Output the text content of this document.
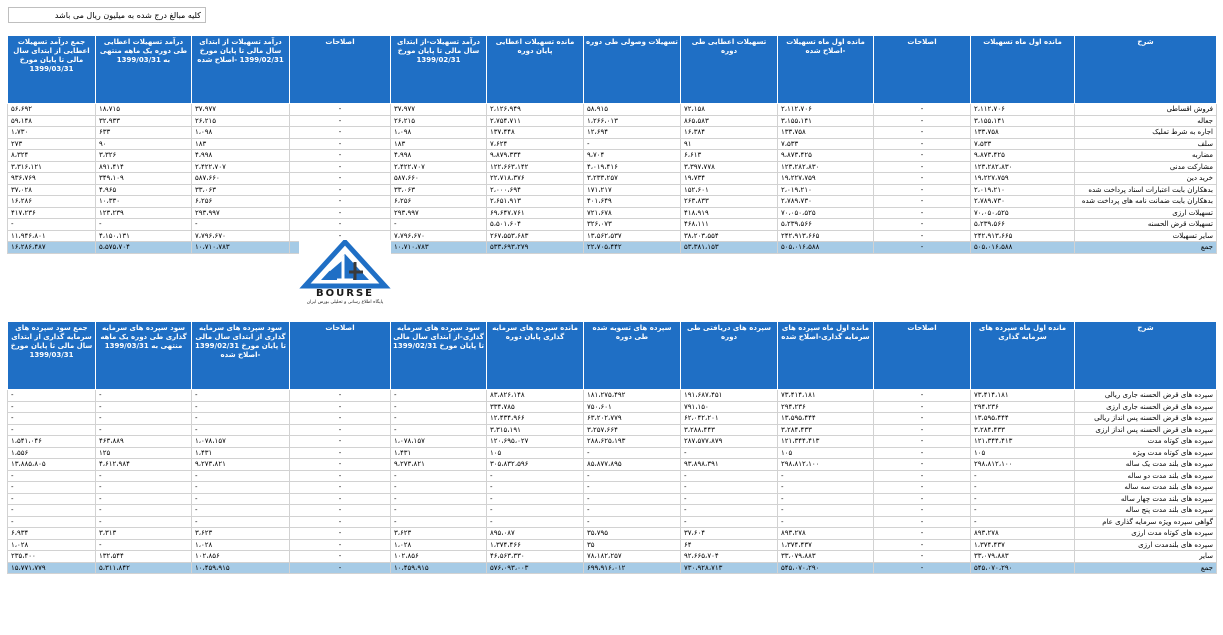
کلیه مبالغ درج شده به میلیون ریال می باشد
شرح	مانده اول ماه تسهیلات	اصلاحات	مانده اول ماه تسهیلات -اصلاح شده	تسهیلات اعطایی طی دوره	تسهیلات وصولی طی دوره	مانده تسهیلات اعطایی پایان دوره	درآمد تسهیلات-از ابتدای سال مالی تا پایان مورخ 1399/02/31	اصلاحات	درآمد تسهیلات از ابتدای سال مالی تا پایان مورخ 1399/02/31 -اصلاح شده	درآمد تسهیلات اعطایی طی دوره یک ماهه منتهی به 1399/03/31	جمع درآمد تسهیلات اعطایی از ابتدای سال مالی تا پایان مورخ 1399/03/31
فروش اقساطی	۲،۱۱۲،۷۰۶	-	۲،۱۱۲،۷۰۶	۷۲،۱۵۸	۵۸،۹۱۵	۲،۱۲۶،۹۴۹	۳۷،۹۷۷	-	۳۷،۹۷۷	۱۸،۷۱۵	۵۶،۶۹۲
جعاله	۳،۱۵۵،۱۴۱	-	۳،۱۵۵،۱۴۱	۸۶۵،۵۸۳	۱،۲۶۶،۰۱۳	۲،۷۵۴،۷۱۱	۲۶،۲۱۵	-	۲۶،۲۱۵	۳۲،۹۳۳	۵۹،۱۴۸
اجاره به شرط تملیک	۱۳۳،۷۵۸	-	۱۳۳،۷۵۸	۱۶،۳۸۴	۱۲،۶۹۴	۱۳۷،۴۴۸	۱،۰۹۸	-	۱،۰۹۸	۶۳۳	۱،۷۳۰
سلف	۷،۵۳۳	-	۷،۵۳۳	۹۱	-	۷،۶۲۴	۱۸۳	-	۱۸۳	۹۰	۲۷۳
مضاربه	۹،۸۷۳،۴۲۵	-	۹،۸۷۳،۴۲۵	۶،۶۱۳	۹،۷۰۴	۹،۸۷۹،۳۳۴	۴،۹۹۸	-	۴،۹۹۸	۳،۳۲۶	۸،۳۲۴
مشارکت مدنی	۱۲۳،۲۸۲،۸۳۰	-	۱۲۳،۲۸۲،۸۳۰	۳،۳۹۷،۷۷۸	۴،۰۱۹،۴۱۶	۱۲۲،۶۶۳،۱۴۲	۲،۴۲۲،۷۰۷	-	۲،۴۲۲،۷۰۷	۸۹۱،۴۱۴	۳،۳۱۶،۱۲۱
خرید دین	۱۹،۲۲۷،۷۵۹	-	۱۹،۲۲۷،۷۵۹	۱۹،۷۳۴	۳،۲۳۳،۲۵۷	۲۲،۷۱۸،۳۷۶	۵۸۷،۶۶۰	-	۵۸۷،۶۶۰	۳۴۹،۱۰۹	۹۳۶،۷۶۹
بدهکاران بابت اعتبارات اسناد پرداخت شده	۲،۰۱۹،۲۱۰	-	۲،۰۱۹،۲۱۰	۱۵۲،۶۰۱	۱۷۱،۲۱۷	۲،۰۰۰،۶۹۴	۳۳،۰۶۳	-	۳۳،۰۶۳	۴،۹۶۵	۳۷،۰۲۸
بدهکاران بابت ضمانت نامه های پرداخت شده	۲،۷۸۹،۷۳۰	-	۲،۷۸۹،۷۳۰	۲۶۳،۸۳۳	۴۰۱،۶۴۹	۲،۶۵۱،۹۱۳	۶،۲۵۶	-	۶،۲۵۶	۱۰،۳۳۰	۱۶،۲۸۶
تسهیلات ارزی	۷۰،۰۵۰،۵۲۵	-	۷۰،۰۵۰،۵۲۵	۴۱۸،۹۱۹	۷۲۱،۶۷۸	۶۹،۶۴۷،۷۶۱	۲۹۳،۹۹۷	-	۲۹۳،۹۹۷	۱۲۳،۲۳۹	۴۱۷،۲۳۶
تسهیلات قرض الحسنه	۵،۲۳۹،۵۶۶	-	۵،۲۳۹،۵۶۶	۴۶۸،۱۱۱	۳۲۶،۰۷۳	۵،۵۰۱،۶۰۴	-	-	-	-	-
سایر تسهیلات	۲۴۲،۹۱۳،۶۶۵	-	۲۴۲،۹۱۳،۶۶۵	۳۸،۲۰۳،۵۵۴	۱۳،۵۶۲،۵۳۷	۲۶۷،۵۵۳،۶۸۳	۷،۷۹۶،۶۷۰	-	۷،۷۹۶،۶۷۰	۴،۱۵۰،۱۳۱	۱۱،۹۴۶،۸۰۱
جمع	۵۰۵،۰۱۶،۵۸۸	-	۵۰۵،۰۱۶،۵۸۸	۵۳،۳۸۱،۱۵۳	۲۲،۷۰۵،۴۴۲	۵۳۳،۶۹۳،۲۷۹	۱۰،۷۱۰،۷۸۳		۱۰،۷۱۰،۷۸۳	۵،۵۷۵،۷۰۴	۱۶،۲۸۶،۴۸۷
شرح	مانده اول ماه سپرده های سرمایه گذاری	اصلاحات	مانده اول ماه سپرده های سرمایه گذاری-اصلاح شده	سپرده های دریافتی طی دوره	سپرده های تسویه شده طی دوره	مانده سپرده های سرمایه گذاری پایان دوره	سود سپرده های سرمایه گذاری-از ابتدای سال مالی تا پایان مورخ 1399/02/31	اصلاحات	سود سپرده های سرمایه گذاری از ابتدای سال مالی تا پایان مورخ 1399/02/31 -اصلاح شده	سود سپرده های سرمایه گذاری طی دوره یک ماهه منتهی به 1399/03/31	جمع سود سپرده های سرمایه گذاری از ابتدای سال مالی تا پایان مورخ 1399/03/31
سپرده های قرض الحسنه جاری ریالی	۷۳،۴۱۴،۱۸۱	-	۷۳،۴۱۴،۱۸۱	۱۹۱،۶۸۷،۴۵۱	۱۸۱،۲۷۵،۴۹۲	۸۳،۸۲۶،۱۴۸	-	-	-	-	-
سپرده های قرض الحسنه جاری ارزی	۲۹۴،۲۳۶	-	۲۹۴،۲۳۶	۷۹۱،۱۵۰	۷۵۰،۶۰۱	۳۳۴،۷۸۵	-	-	-	-	-
سپرده های قرض الحسنه پس انداز ریالی	۱۳،۵۹۵،۴۴۴	-	۱۳،۵۹۵،۴۴۴	۶۲،۰۴۲،۲۰۱	۶۳،۲۰۲،۷۷۹	۱۲،۴۳۴،۹۶۶	-	-	-	-	-
سپرده های قرض الحسنه پس انداز ارزی	۳،۲۸۴،۴۳۳	-	۳،۲۸۴،۴۳۳	۳،۲۸۸،۴۴۳	۳،۲۵۷،۶۶۴	۳،۳۱۵،۱۹۱	-	-	-	-	-
سپرده های کوتاه مدت	۱۲۱،۳۴۴،۴۱۳	-	۱۲۱،۳۴۴،۴۱۳	۲۸۷،۵۷۷،۸۷۹	۲۸۸،۶۲۵،۱۹۳	۱۲۰،۶۹۵،۰۲۷	۱،۰۷۸،۱۵۷	-	۱،۰۷۸،۱۵۷	۴۶۳،۸۸۹	۱،۵۴۱،۰۴۶
سپرده های کوتاه مدت ویژه	۱۰۵	-	۱۰۵	-	-	۱۰۵	۱،۴۳۱	-	۱،۴۳۱	۱۲۵	۱،۵۵۶
سپرده های بلند مدت یک ساله	۲۹۸،۸۱۲،۱۰۰	-	۲۹۸،۸۱۲،۱۰۰	۹۳،۸۹۸،۳۹۱	۸۵،۸۷۷،۸۹۵	۳۰۵،۸۳۲،۵۹۶	۹،۲۷۳،۸۲۱	-	۹،۲۷۳،۸۲۱	۴،۶۱۲،۹۸۴	۱۳،۸۸۵،۸۰۵
سپرده های بلند مدت دو ساله	-	-	-	-	-	-	-	-	-	-	-
سپرده های بلند مدت سه ساله	-	-	-	-	-	-	-	-	-	-	-
سپرده های بلند مدت چهار ساله	-	-	-	-	-	-	-	-	-	-	-
سپرده های بلند مدت پنج ساله	-	-	-	-	-	-	-	-	-	-	-
گواهی سپرده ویژه سرمایه گذاری عام	-	-	-	-	-	-	-	-	-	-	-
سپرده های کوتاه مدت ارزی	۸۹۳،۲۷۸	-	۸۹۳،۲۷۸	۳۷،۶۰۴	۳۵،۷۹۵	۸۹۵،۰۸۷	۳،۶۲۳	-	۳،۶۲۳	۳،۳۱۳	۶،۹۳۴
سپرده های بلندمدت ارزی	۱،۳۷۴،۴۳۷	-	۱،۳۷۴،۴۳۷	۶۴	۳۵	۱،۳۷۴،۴۶۶	۱،۰۲۸	-	۱،۰۲۸	-	۱،۰۲۸
سایر	۳۳،۰۷۹،۸۸۳	-	۳۳،۰۷۹،۸۸۳	۹۲،۶۶۵،۷۰۴	۷۸،۱۸۲،۲۵۷	۴۶،۵۶۳،۳۳۰	۱۰۲،۸۵۶	-	۱۰۲،۸۵۶	۱۳۲،۵۴۴	۲۳۵،۴۰۰
جمع	۵۴۵،۰۷۰،۲۹۰	-	۵۴۵،۰۷۰،۲۹۰	۷۳۰،۹۲۸،۷۱۳	۶۹۹،۹۱۶،۰۱۲	۵۷۶،۰۹۳،۰۰۳	۱۰،۴۵۹،۹۱۵	-	۱۰،۴۵۹،۹۱۵	۵،۳۱۱،۸۴۲	۱۵،۷۷۱،۷۷۹
BOURSE
پایگاه اطلاع رسانی و تحلیلی بورس ایران
